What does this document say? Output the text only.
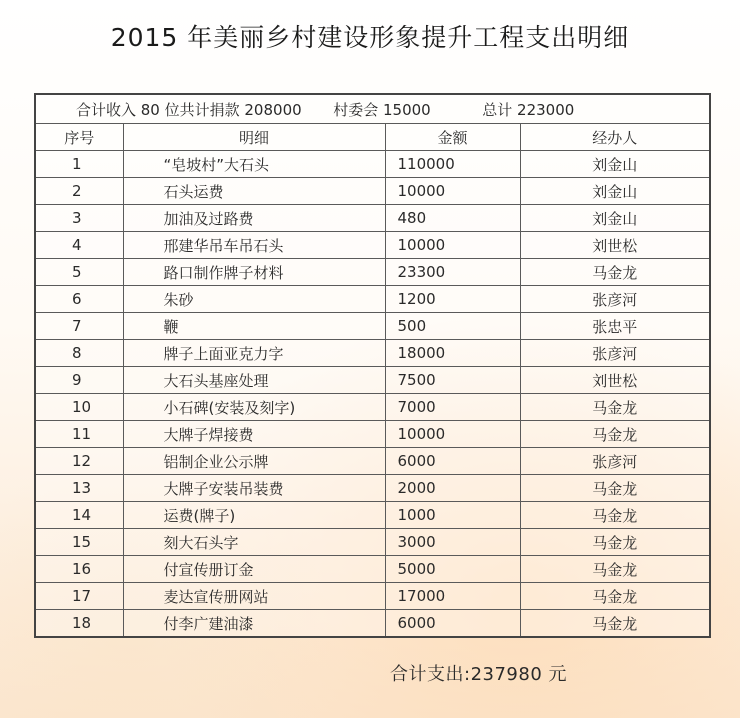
2015 年美丽乡村建设形象提升工程支出明细
合计收入 80 位共计捐款 208000 村委会 15000 总计 223000			
序号	明细	金额	经办人
1	“皂坡村”大石头	110000	刘金山
2	石头运费	10000	刘金山
3	加油及过路费	480	刘金山
4	邢建华吊车吊石头	10000	刘世松
5	路口制作牌子材料	23300	马金龙
6	朱砂	1200	张彦河
7	鞭	500	张忠平
8	牌子上面亚克力字	18000	张彦河
9	大石头基座处理	7500	刘世松
10	小石碑(安装及刻字)	7000	马金龙
11	大牌子焊接费	10000	马金龙
12	铝制企业公示牌	6000	张彦河
13	大牌子安装吊装费	2000	马金龙
14	运费(牌子)	1000	马金龙
15	刻大石头字	3000	马金龙
16	付宣传册订金	5000	马金龙
17	麦达宣传册网站	17000	马金龙
18	付李广建油漆	6000	马金龙
合计支出:237980 元
